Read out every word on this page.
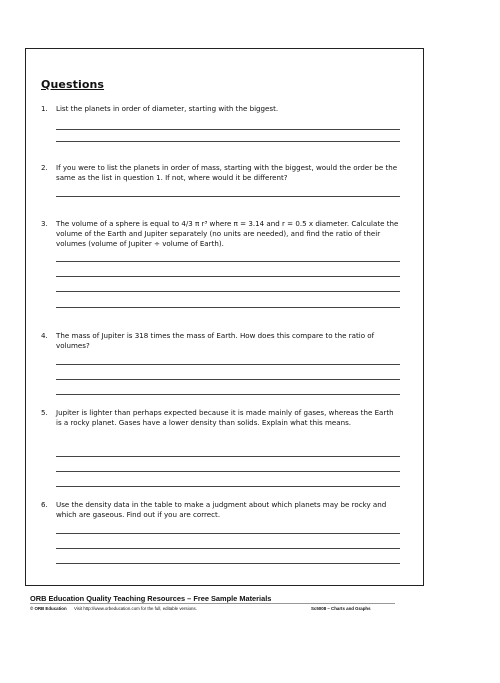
Questions
1. List the planets in order of diameter, starting with the biggest.
2. If you were to list the planets in order of mass, starting with the biggest, would the order be the same as the list in question 1. If not, where would it be different?
3. The volume of a sphere is equal to 4/3 π r³ where π = 3.14 and r = 0.5 x diameter. Calculate the volume of the Earth and Jupiter separately (no units are needed), and find the ratio of their volumes (volume of Jupiter ÷ volume of Earth).
4. The mass of Jupiter is 318 times the mass of Earth. How does this compare to the ratio of volumes?
5. Jupiter is lighter than perhaps expected because it is made mainly of gases, whereas the Earth is a rocky planet. Gases have a lower density than solids. Explain what this means.
6. Use the density data in the table to make a judgment about which planets may be rocky and which are gaseous. Find out if you are correct.
ORB Education Quality Teaching Resources – Free Sample Materials
© ORB Education Visit http://www.orbeducation.com for the full, editable versions.	Sc5008 – Charts and Graphs
